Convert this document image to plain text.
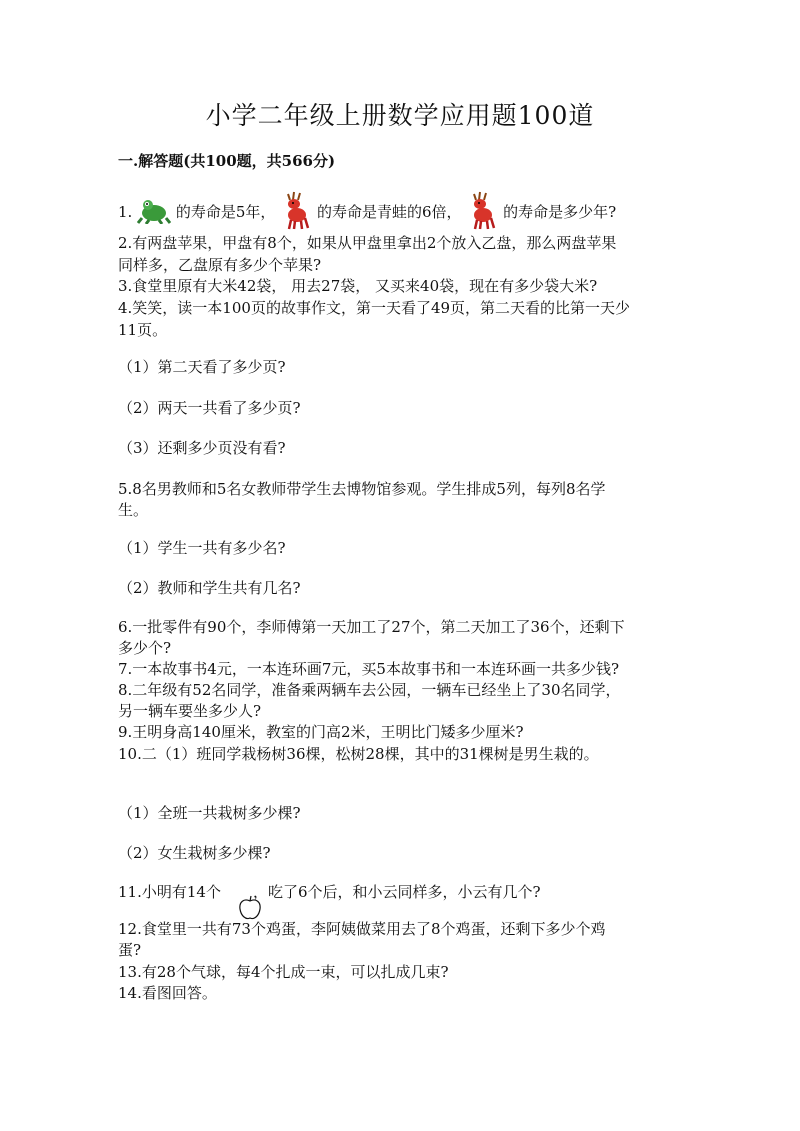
小学二年级上册数学应用题100道
一.解答题(共100题，共566分)
1.	的寿命是5年，	的寿命是青蛙的6倍，	的寿命是多少年?
2.有两盘苹果，甲盘有8个，如果从甲盘里拿出2个放入乙盘，那么两盘苹果
同样多，乙盘原有多少个苹果?
3.食堂里原有大米42袋， 用去27袋， 又买来40袋，现在有多少袋大米?
4.笑笑，读一本100页的故事作文，第一天看了49页，第二天看的比第一天少
11页。
（1）第二天看了多少页?
（2）两天一共看了多少页?
（3）还剩多少页没有看?
5.8名男教师和5名女教师带学生去博物馆参观。学生排成5列，每列8名学
生。
（1）学生一共有多少名?
（2）教师和学生共有几名?
6.一批零件有90个，李师傅第一天加工了27个，第二天加工了36个，还剩下
多少个?
7.一本故事书4元，一本连环画7元，买5本故事书和一本连环画一共多少钱?
8.二年级有52名同学，准备乘两辆车去公园，一辆车已经坐上了30名同学，
另一辆车要坐多少人?
9.王明身高140厘米，教室的门高2米，王明比门矮多少厘米?
10.二（1）班同学栽杨树36棵，松树28棵，其中的31棵树是男生栽的。
（1）全班一共栽树多少棵?
（2）女生栽树多少棵?
11.小明有14个 ，吃了6个后，和小云同样多，小云有几个?
12.食堂里一共有73个鸡蛋，李阿姨做菜用去了8个鸡蛋，还剩下多少个鸡
蛋?
13.有28个气球，每4个扎成一束，可以扎成几束?
14.看图回答。
